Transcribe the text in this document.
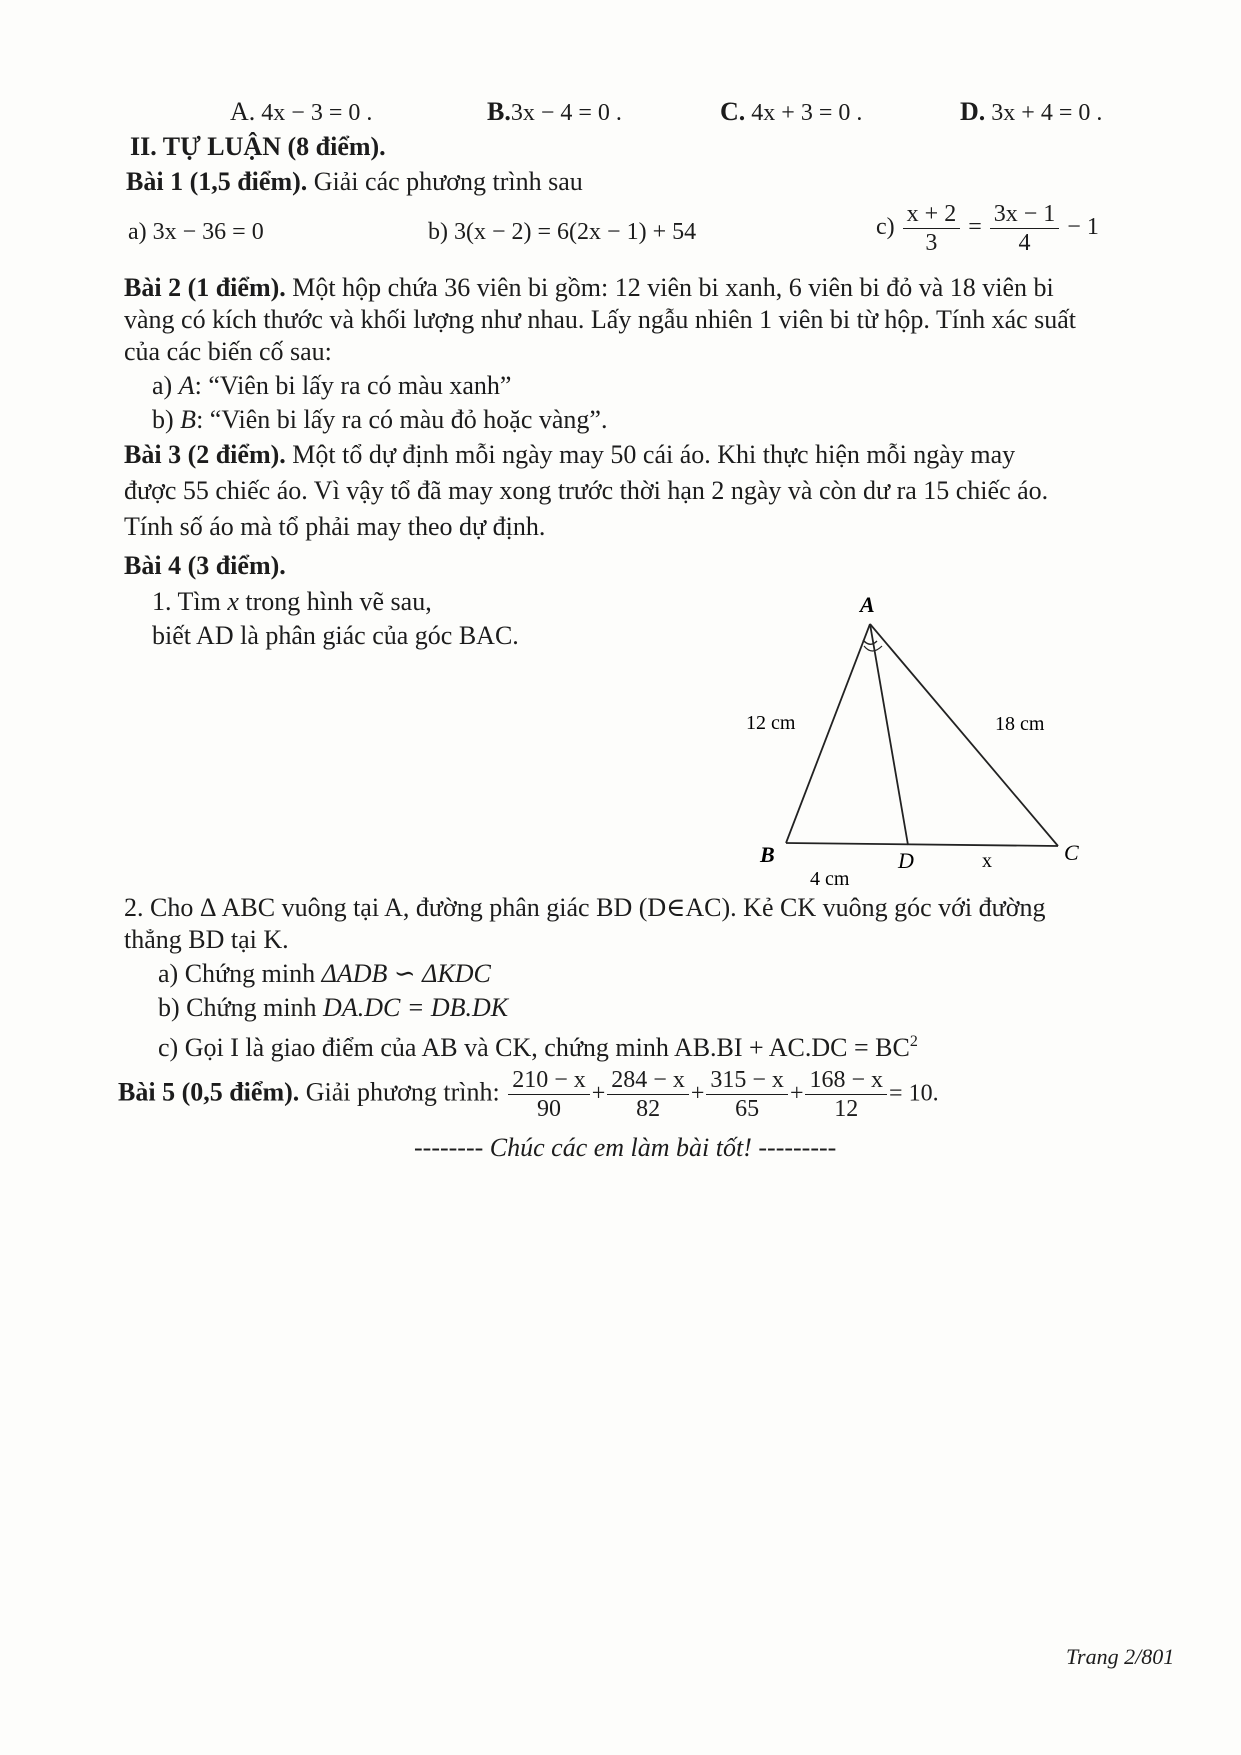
A. 4x − 3 = 0 .	B.3x − 4 = 0 .	C. 4x + 3 = 0 .	D. 3x + 4 = 0 .
II. TỰ LUẬN (8 điểm).
Bài 1 (1,5 điểm). Giải các phương trình sau
a) 3x − 36 = 0	b) 3(x − 2) = 6(2x − 1) + 54	$c) \frac{x + 2}{3} = \frac{3x - 1}{4} - 1$
Bài 2 (1 điểm). Một hộp chứa 36 viên bi gồm: 12 viên bi xanh, 6 viên bi đỏ và 18 viên bi
vàng có kích thước và khối lượng như nhau. Lấy ngẫu nhiên 1 viên bi từ hộp. Tính xác suất
của các biến cố sau:
a) A: “Viên bi lấy ra có màu xanh”
b) B: “Viên bi lấy ra có màu đỏ hoặc vàng”.
Bài 3 (2 điểm). Một tổ dự định mỗi ngày may 50 cái áo. Khi thực hiện mỗi ngày may
được 55 chiếc áo. Vì vậy tổ đã may xong trước thời hạn 2 ngày và còn dư ra 15 chiếc áo.
Tính số áo mà tổ phải may theo dự định.
Bài 4 (3 điểm).
1. Tìm x trong hình vẽ sau,
biết AD là phân giác của góc BAC.
A
B	C
D
12 cm	18 cm
4 cm
x
2. Cho Δ ABC vuông tại A, đường phân giác BD (D∈AC). Kẻ CK vuông góc với đường
thẳng BD tại K.
a) Chứng minh ΔADB ∽ ΔKDC
b) Chứng minh DA.DC = DB.DK
c) Gọi I là giao điểm của AB và CK, chứng minh $AB.BI + AC.DC = BC^2$
Bài 5 (0,5 điểm). Giải phương trình: $\frac{210 - x}{90} + \frac{284 - x}{82} + \frac{315 - x}{65} + \frac{168 - x}{12} = 10$.
-------- Chúc các em làm bài tốt! ---------
Trang 2/801
